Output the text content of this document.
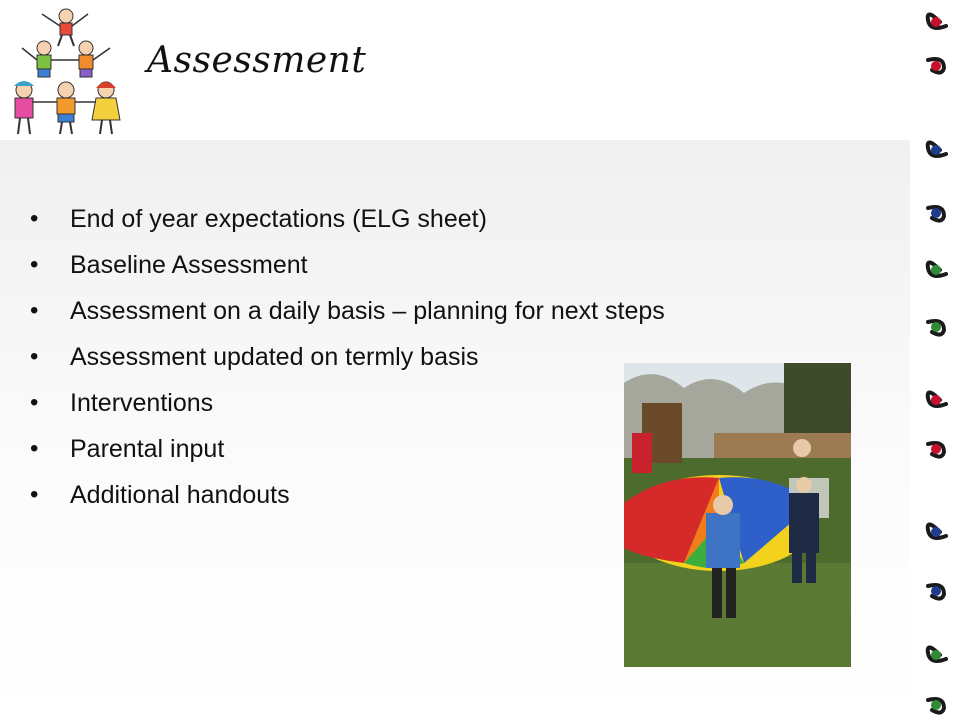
Assessment
• End of year expectations (ELG sheet)
• Baseline Assessment
• Assessment on a daily basis – planning for next steps
• Assessment updated on termly basis
• Interventions
• Parental input
• Additional handouts
